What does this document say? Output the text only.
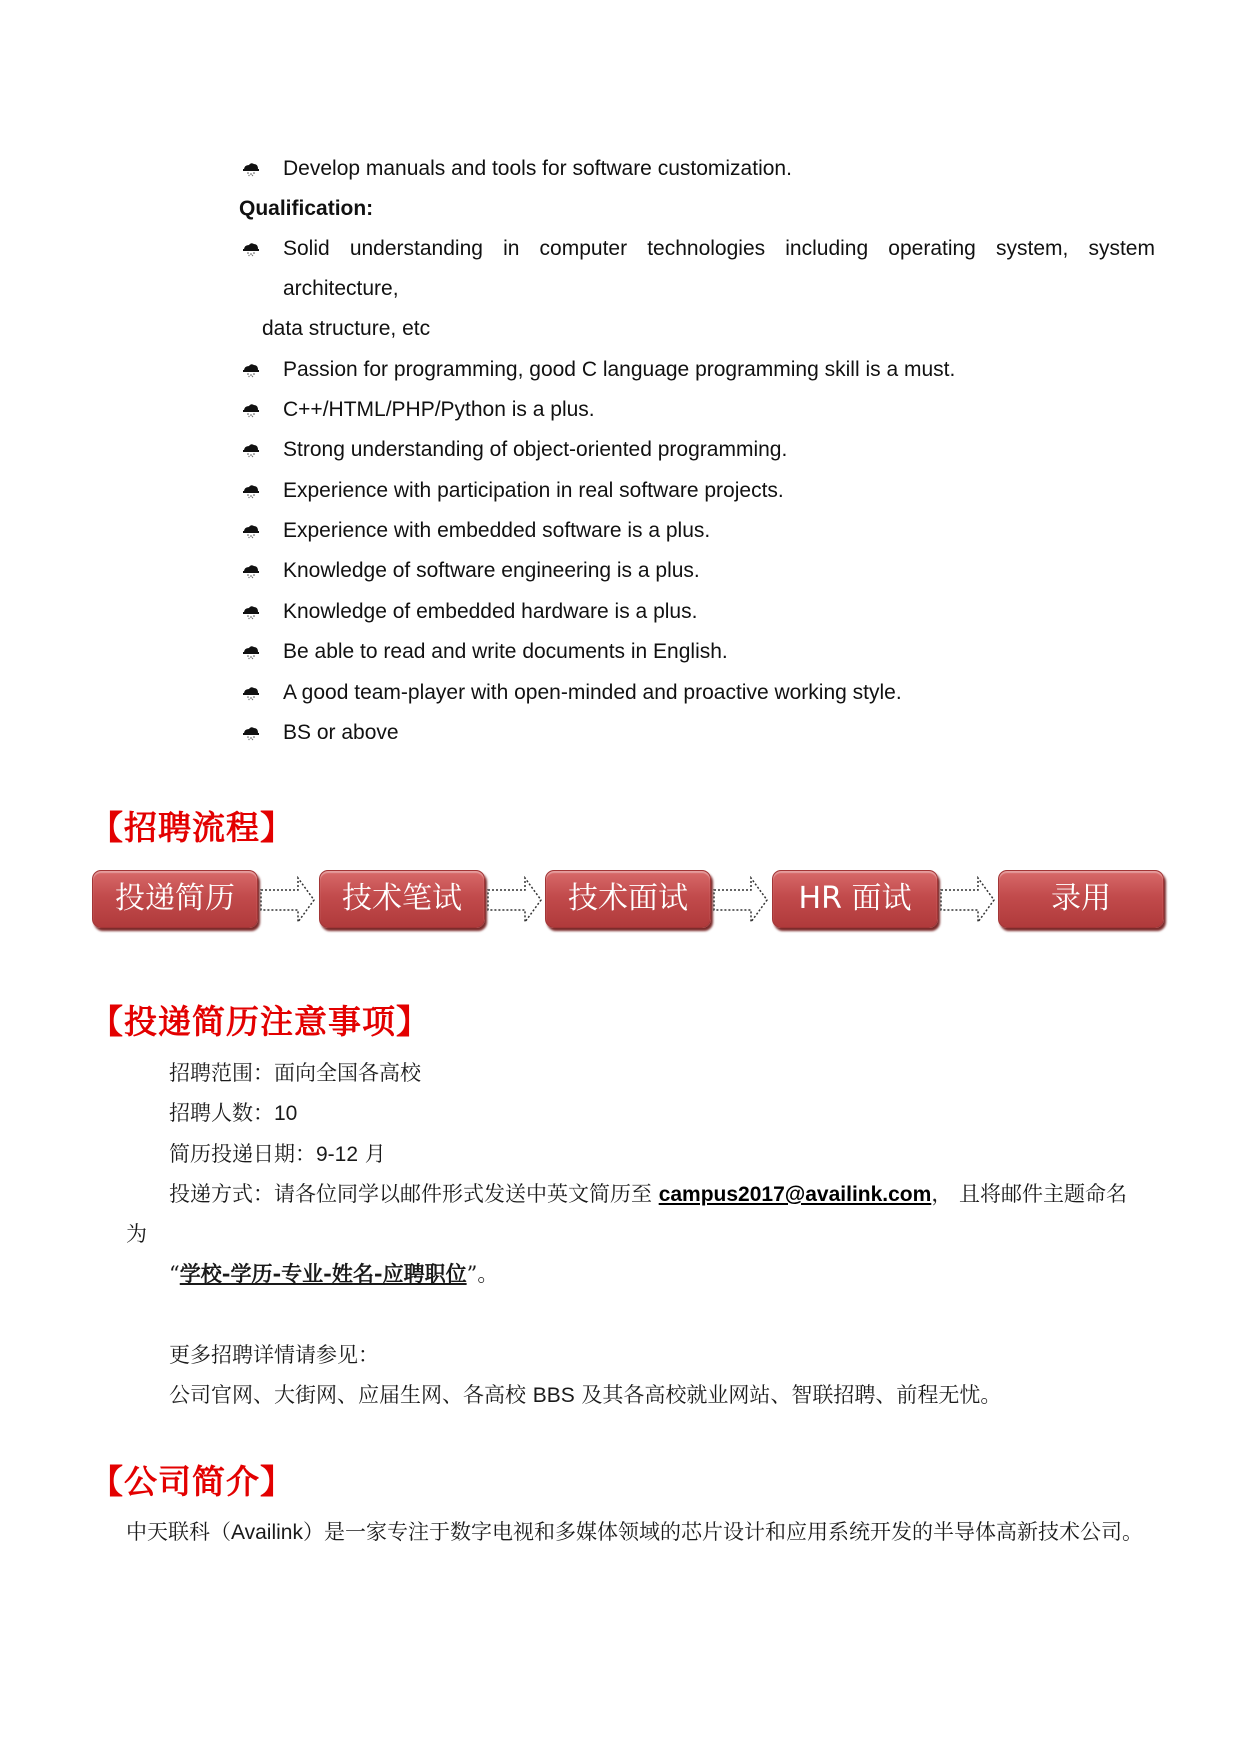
Develop manuals and tools for software customization.
Qualification:
Solid understanding in computer technologies including operating system, system
architecture,
data structure, etc
Passion for programming, good C language programming skill is a must.
C++/HTML/PHP/Python is a plus.
Strong understanding of object-oriented programming.
Experience with participation in real software projects.
Experience with embedded software is a plus.
Knowledge of software engineering is a plus.
Knowledge of embedded hardware is a plus.
Be able to read and write documents in English.
A good team-player with open-minded and proactive working style.
BS or above
【招聘流程】
投递简历	技术笔试	技术面试	HR 面试	录用
【投递简历注意事项】
招聘范围：面向全国各高校
招聘人数：10
简历投递日期：9-12 月
投递方式：请各位同学以邮件形式发送中英文简历至 campus2017@availink.com， 且将邮件主题命名
为
“学校-学历-专业-姓名-应聘职位”。
更多招聘详情请参见：
公司官网、大街网、应届生网、各高校 BBS 及其各高校就业网站、智联招聘、前程无忧。
【公司简介】
中天联科（Availink）是一家专注于数字电视和多媒体领域的芯片设计和应用系统开发的半导体高新技术公司。
